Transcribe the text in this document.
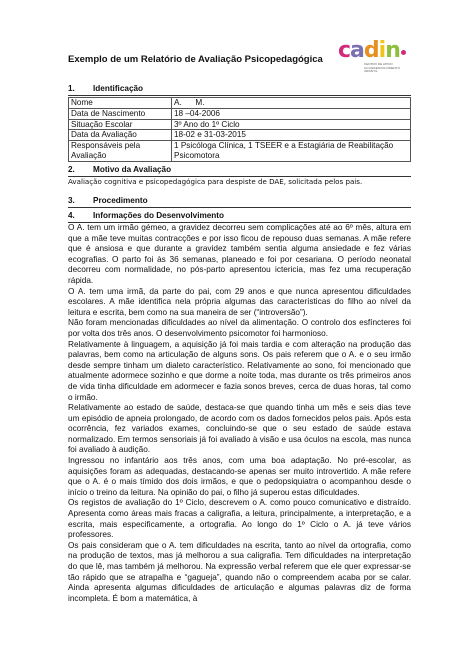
Exemplo de um Relatório de Avaliação Psicopedagógica cadin
CENTRO DE APOIO
AO DESENVOLVIMENTO
INFANTIL
1. Identificação
Nome	A.      M.
Data de Nascimento	18 –04-2006
Situação Escolar	3º Ano do 1º Ciclo
Data da Avaliação	18-02 e 31-03-2015
Responsáveis pela Avaliação	1 Psicóloga Clínica, 1 TSEER e a Estagiária de Reabilitação Psicomotora
2. Motivo da Avaliação
Avaliação cognitiva e psicopedagógica para despiste de DAE, solicitada pelos pais.
3. Procedimento
4. Informações do Desenvolvimento

O A. tem um irmão gémeo, a gravidez decorreu sem complicações até ao 6º mês, altura em que a mãe teve muitas contracções e por isso ficou de repouso duas semanas. A mãe refere que é ansiosa e que durante a gravidez também sentia alguma ansiedade e fez várias ecografias. O parto foi às 36 semanas, planeado e foi por cesariana. O período neonatal decorreu com normalidade, no pós-parto apresentou ictericia, mas fez uma recuperação rápida.

O A. tem uma irmã, da parte do pai, com 29 anos e que nunca apresentou dificuldades escolares. A mãe identifica nela própria algumas das características do filho ao nível da leitura e escrita, bem como na sua maneira de ser (“introversão”).

Não foram mencionadas dificuldades ao nível da alimentação. O controlo dos esfíncteres foi por volta dos três anos. O desenvolvimento psicomotor foi harmonioso.

Relativamente à linguagem, a aquisição já foi mais tardia e com alteração na produção das palavras, bem como na articulação de alguns sons. Os pais referem que o A. e o seu irmão desde sempre tinham um dialeto característico. Relativamente ao sono, foi mencionado que atualmente adormece sozinho e que dorme a noite toda, mas durante os três primeiros anos de vida tinha dificuldade em adormecer e fazia sonos breves, cerca de duas horas, tal como o irmão.

Relativamente ao estado de saúde, destaca-se que quando tinha um mês e seis dias teve um episódio de apneia prolongado, de acordo com os dados fornecidos pelos pais. Após esta ocorrência, fez variados exames, concluindo-se que o seu estado de saúde estava normalizado. Em termos sensoriais já foi avaliado à visão e usa óculos na escola, mas nunca foi avaliado à audição.

Ingressou no infantário aos três anos, com uma boa adaptação. No pré-escolar, as aquisições foram as adequadas, destacando-se apenas ser muito introvertido. A mãe refere que o A. é o mais tímido dos dois irmãos, e que o pedopsiquiatra o acompanhou desde o início o treino da leitura. Na opinião do pai, o filho já superou estas dificuldades.

Os registos de avaliação do 1º Ciclo, descrevem o A. como pouco comunicativo e distraído. Apresenta como áreas mais fracas a caligrafia, a leitura, principalmente, a interpretação, e a escrita, mais especificamente, a ortografia. Ao longo do 1º Ciclo o A. já teve vários professores.

Os pais consideram que o A. tem dificuldades na escrita, tanto ao nível da ortografia, como na produção de textos, mas já melhorou a sua caligrafia. Tem dificuldades na interpretação do que lê, mas também já melhorou. Na expressão verbal referem que ele quer expressar-se tão rápido que se atrapalha e “gagueja”, quando não o compreendem acaba por se calar. Ainda apresenta algumas dificuldades de articulação e algumas palavras diz de forma incompleta. É bom a matemática, à
